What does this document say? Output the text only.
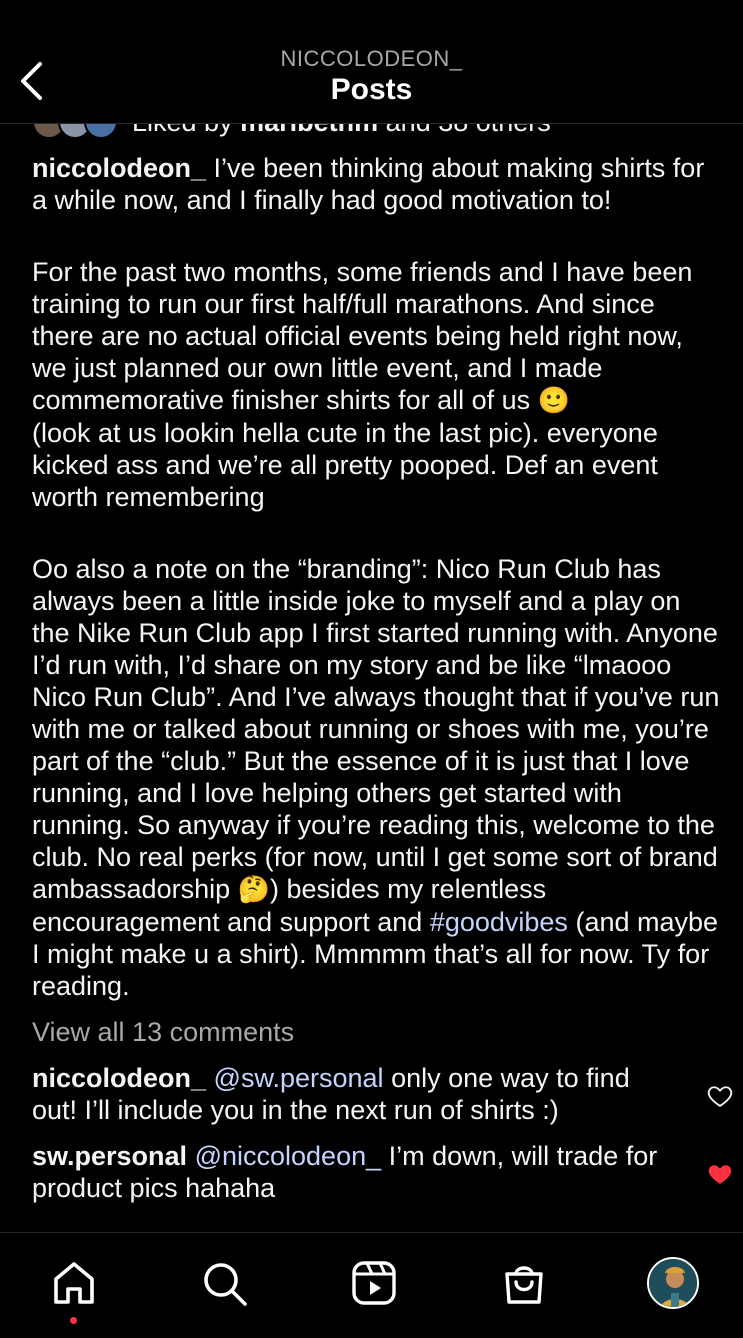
NICCOLODEON_
Posts

niccolodeon_ I’ve been thinking about making shirts for a while now, and I finally had good motivation to!

For the past two months, some friends and I have been training to run our first half/full marathons. And since there are no actual official events being held right now, we just planned our own little event, and I made commemorative finisher shirts for all of us 🙂
(look at us lookin hella cute in the last pic). everyone kicked ass and we’re all pretty pooped. Def an event worth remembering

Oo also a note on the “branding”: Nico Run Club has always been a little inside joke to myself and a play on the Nike Run Club app I first started running with. Anyone I’d run with, I’d share on my story and be like “lmaooo Nico Run Club”. And I’ve always thought that if you’ve run with me or talked about running or shoes with me, you’re part of the “club.” But the essence of it is just that I love running, and I love helping others get started with running. So anyway if you’re reading this, welcome to the club. No real perks (for now, until I get some sort of brand ambassadorship 🤔) besides my relentless encouragement and support and #goodvibes (and maybe I might make u a shirt). Mmmmm that’s all for now. Ty for reading.

View all 13 comments
niccolodeon_ @sw.personal only one way to find out! I’ll include you in the next run of shirts :)
sw.personal @niccolodeon_ I’m down, will trade for product pics hahaha
